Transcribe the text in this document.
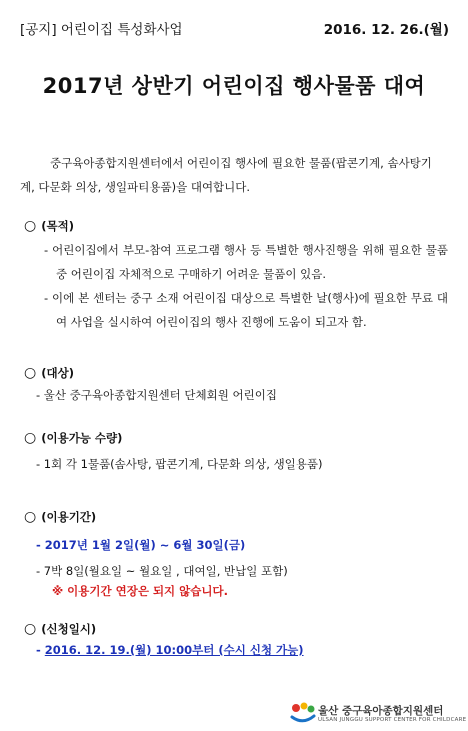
[공지] 어린이집 특성화사업	2016. 12. 26.(월)
2017년 상반기 어린이집 행사물품 대여
중구육아종합지원센터에서 어린이집 행사에 필요한 물품(팝콘기계, 솜사탕기계, 다문화 의상, 생일파티용품)을 대여합니다.
○ (목적)
- 어린이집에서 부모-참여 프로그램 행사 등 특별한 행사진행을 위해 필요한 물품 중 어린이집 자체적으로 구매하기 어려운 물품이 있음.
- 이에 본 센터는 중구 소재 어린이집 대상으로 특별한 날(행사)에 필요한 무료 대여 사업을 실시하여 어린이집의 행사 진행에 도움이 되고자 함.
○ (대상)
- 울산 중구육아종합지원센터 단체회원 어린이집
○ (이용가능 수량)
- 1회 각 1물품(솜사탕, 팝콘기계, 다문화 의상, 생일용품)
○ (이용기간)
- 2017년 1월 2일(월) ~ 6월 30일(금)
- 7박 8일(월요일 ~ 월요일 , 대여일, 반납일 포함)
※ 이용기간 연장은 되지 않습니다.
○ (신청일시)
- 2016. 12. 19.(월) 10:00부터 (수시 신청 가능)
울산 중구육아종합지원센터
ULSAN JUNGGU SUPPORT CENTER FOR CHILDCARE
